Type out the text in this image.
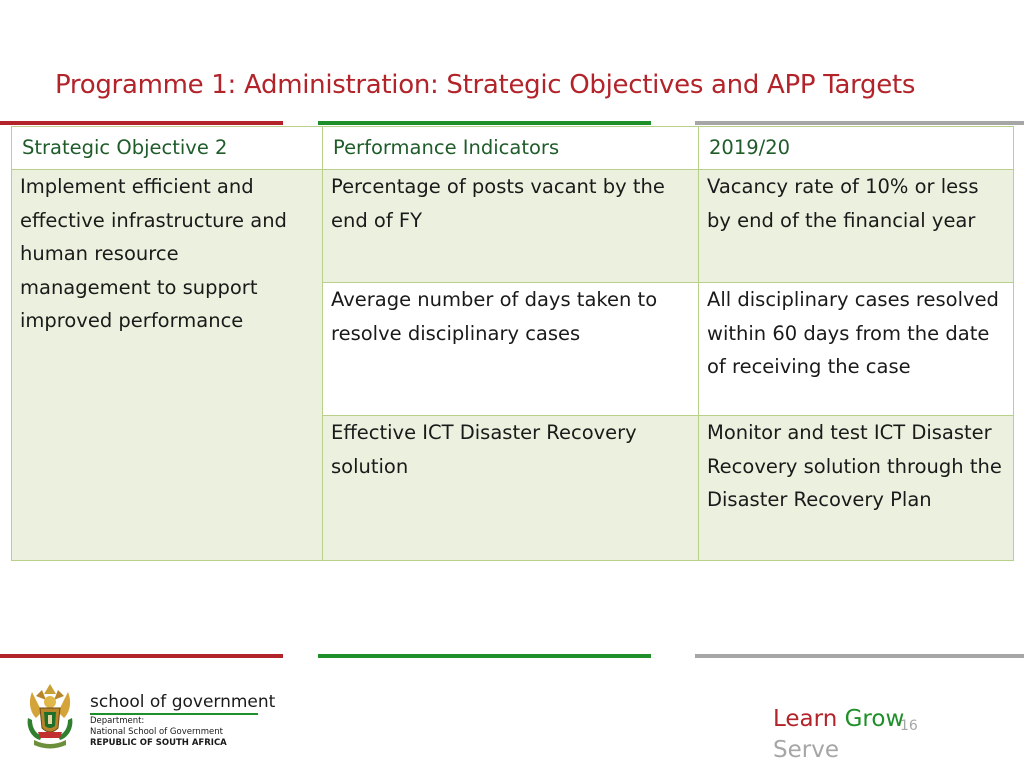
Programme 1: Administration: Strategic Objectives and APP Targets
Strategic Objective 2	Performance Indicators	2019/20
Implement efficient and effective infrastructure and human resource management to support improved performance	Percentage of posts vacant by the end of FY	Vacancy rate of 10% or less by end of the financial year
	Average number of days taken to resolve disciplinary cases	All disciplinary cases resolved within 60 days from the date of receiving the case
	Effective ICT Disaster Recovery solution	Monitor and test ICT Disaster Recovery solution through the Disaster Recovery Plan
school of government
Department:
National School of Government
REPUBLIC OF SOUTH AFRICA
Learn Grow
Serve
16
